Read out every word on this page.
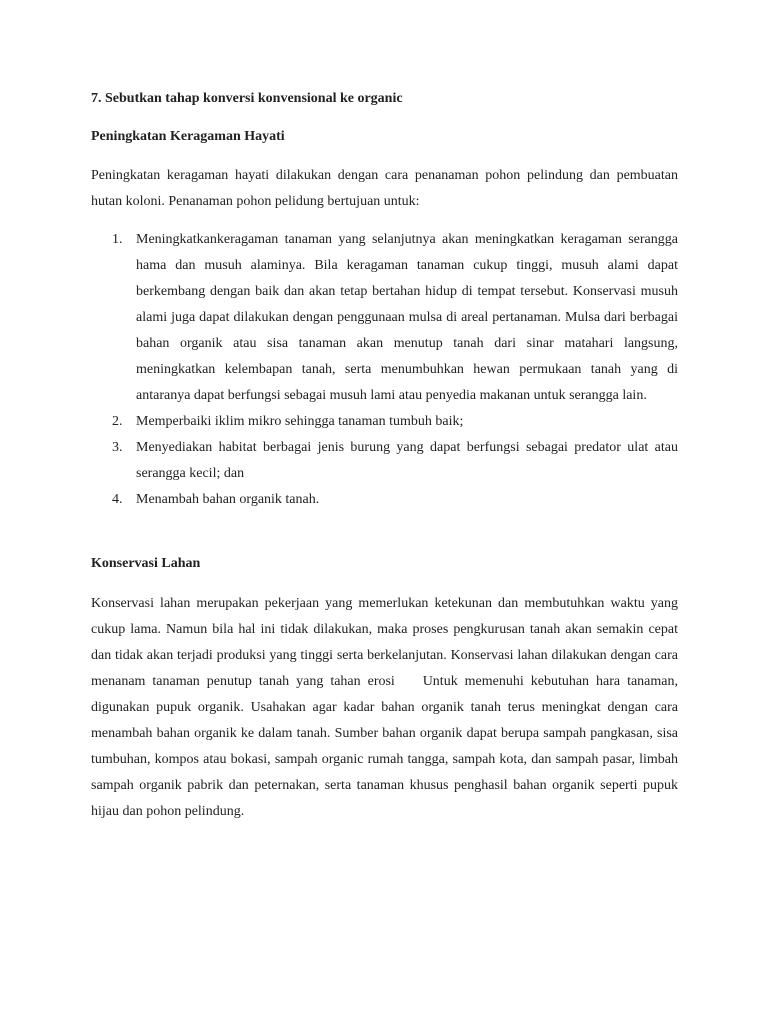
7. Sebutkan tahap konversi konvensional ke organic
Peningkatan Keragaman Hayati

Peningkatan keragaman hayati dilakukan dengan cara penanaman pohon pelindung dan pembuatan hutan koloni. Penanaman pohon pelidung bertujuan untuk:

1. Meningkatkankeragaman tanaman yang selanjutnya akan meningkatkan keragaman serangga hama dan musuh alaminya. Bila keragaman tanaman cukup tinggi, musuh alami dapat berkembang dengan baik dan akan tetap bertahan hidup di tempat tersebut. Konservasi musuh alami juga dapat dilakukan dengan penggunaan mulsa di areal pertanaman. Mulsa dari berbagai bahan organik atau sisa tanaman akan menutup tanah dari sinar matahari langsung, meningkatkan kelembapan tanah, serta menumbuhkan hewan permukaan tanah yang di antaranya dapat berfungsi sebagai musuh lami atau penyedia makanan untuk serangga lain.
2. Memperbaiki iklim mikro sehingga tanaman tumbuh baik;
3. Menyediakan habitat berbagai jenis burung yang dapat berfungsi sebagai predator ulat atau serangga kecil; dan
4. Menambah bahan organik tanah.
Konservasi Lahan

Konservasi lahan merupakan pekerjaan yang memerlukan ketekunan dan membutuhkan waktu yang cukup lama. Namun bila hal ini tidak dilakukan, maka proses pengkurusan tanah akan semakin cepat dan tidak akan terjadi produksi yang tinggi serta berkelanjutan. Konservasi lahan dilakukan dengan cara menanam tanaman penutup tanah yang tahan erosi    Untuk memenuhi kebutuhan hara tanaman, digunakan pupuk organik. Usahakan agar kadar bahan organik tanah terus meningkat dengan cara menambah bahan organik ke dalam tanah. Sumber bahan organik dapat berupa sampah pangkasan, sisa tumbuhan, kompos atau bokasi, sampah organic rumah tangga, sampah kota, dan sampah pasar, limbah sampah organik pabrik dan peternakan, serta tanaman khusus penghasil bahan organik seperti pupuk hijau dan pohon pelindung.
